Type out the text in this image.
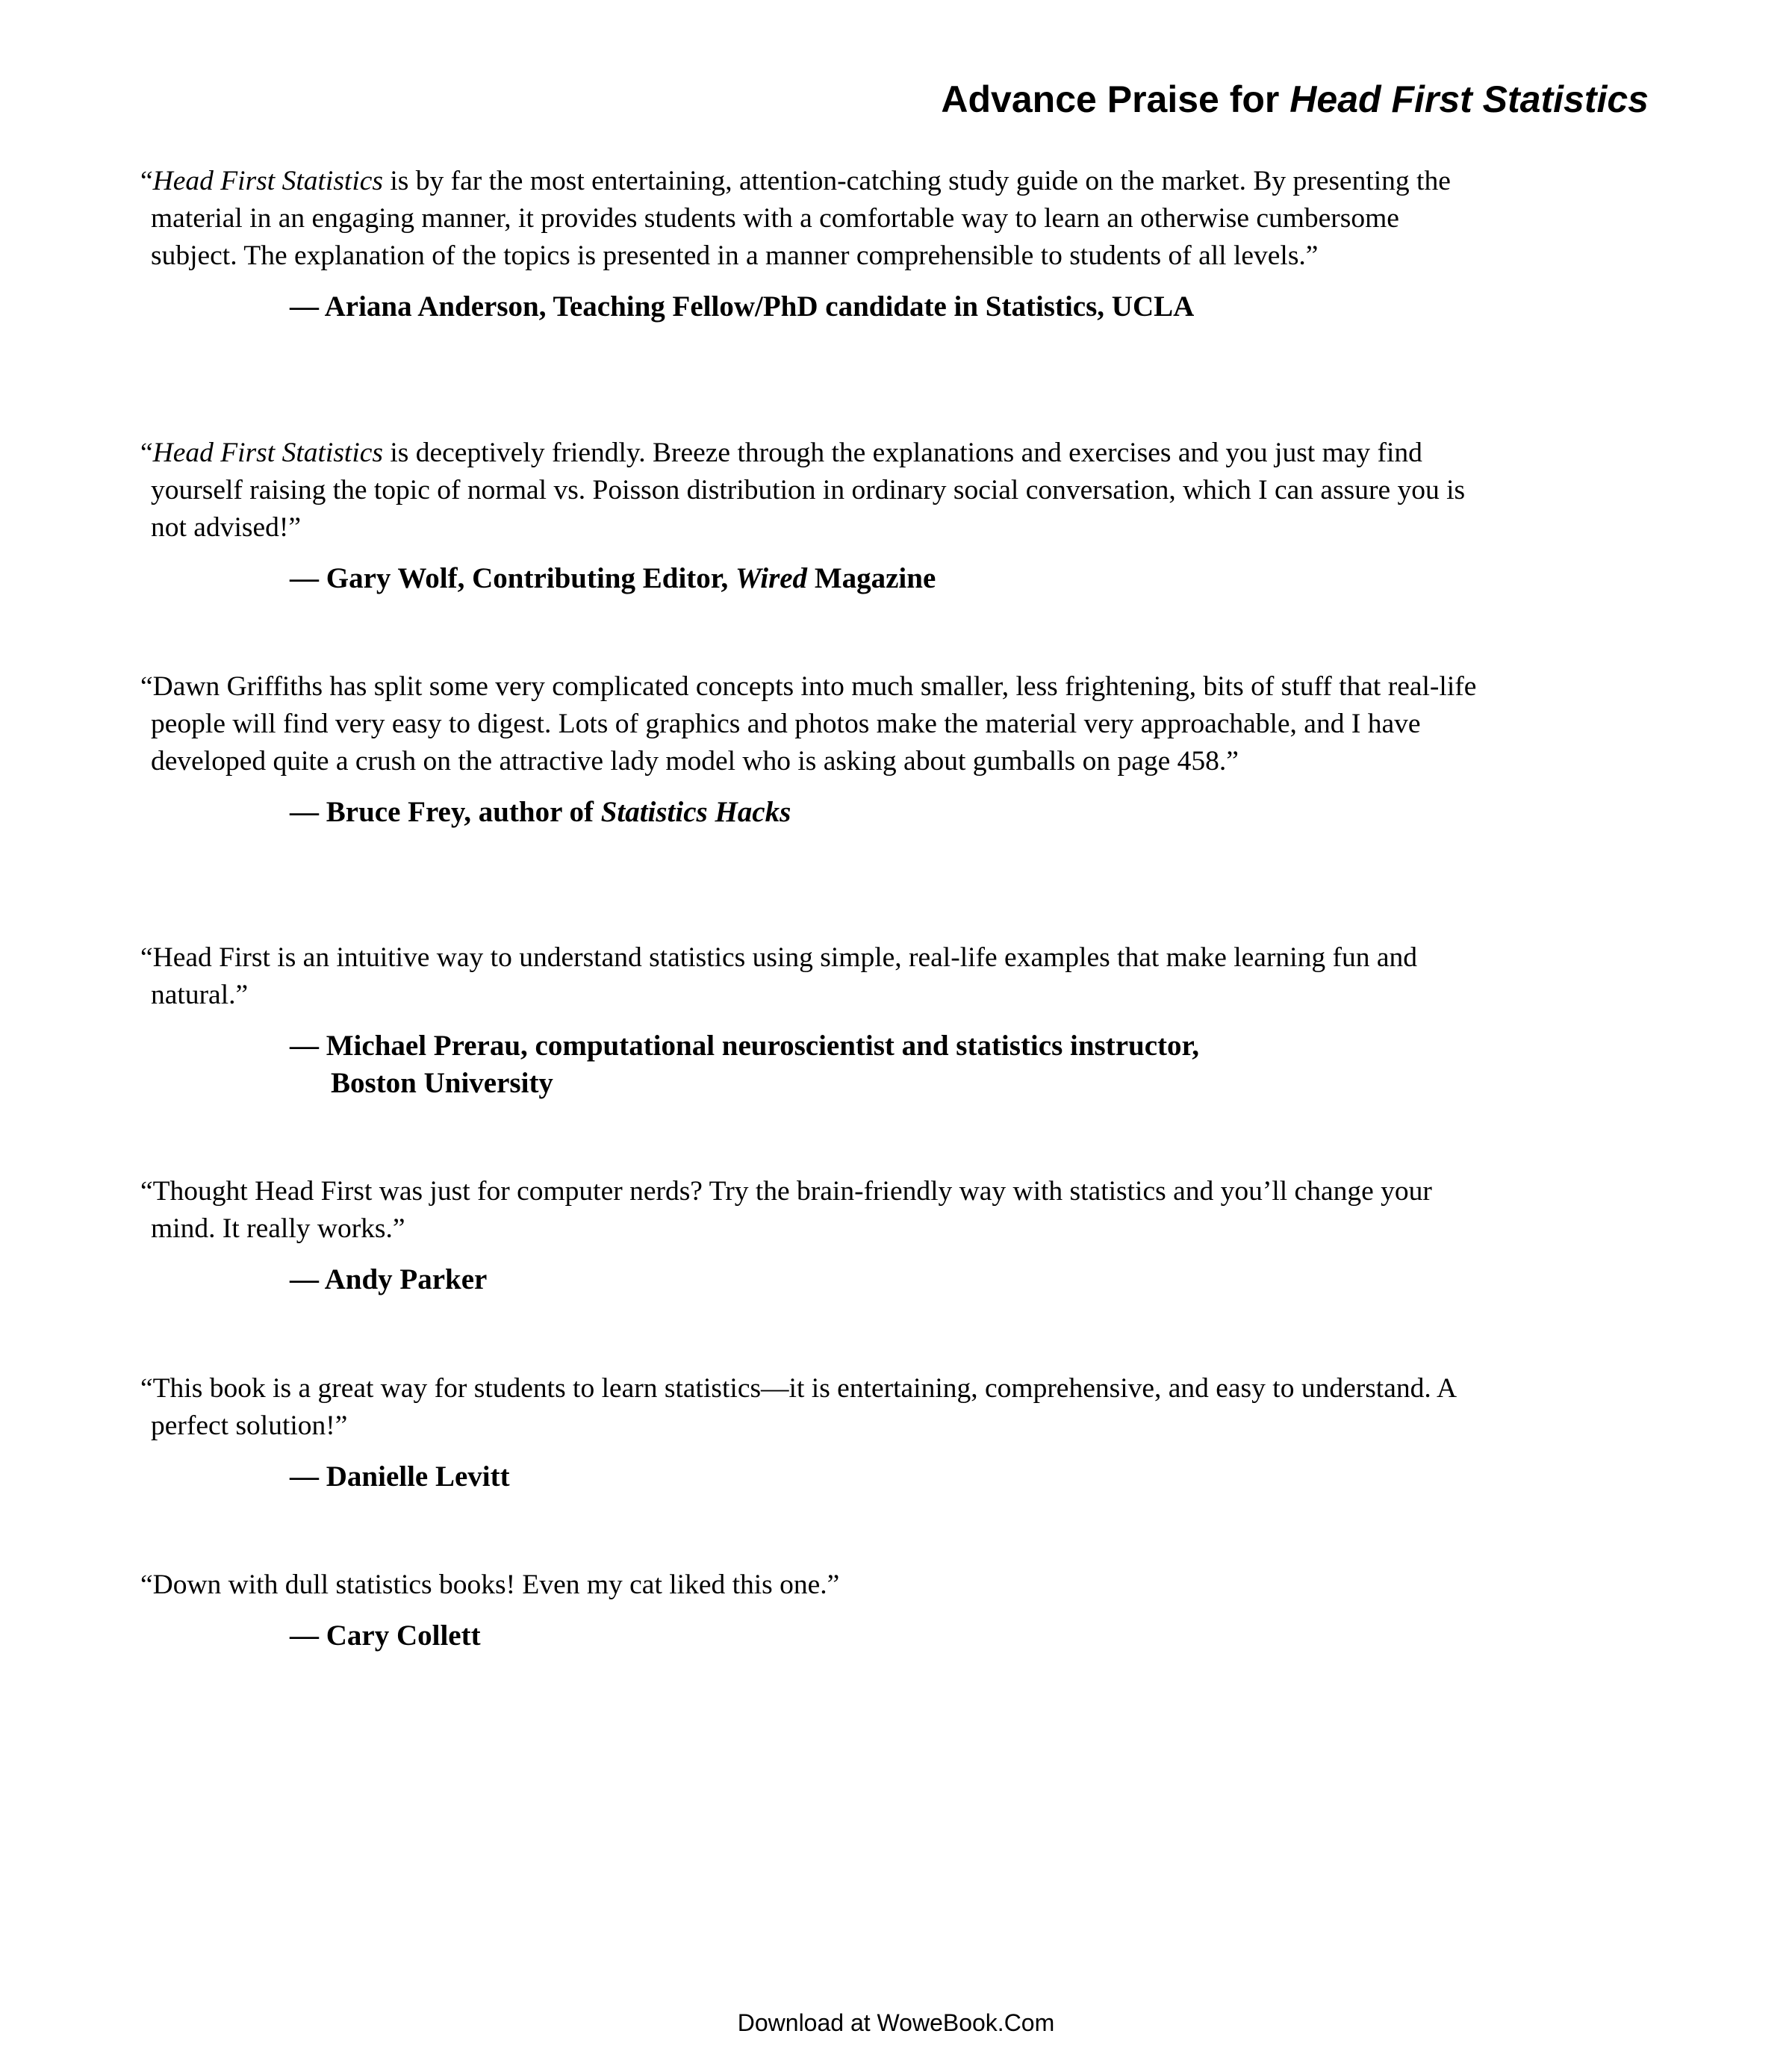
Advance Praise for Head First Statistics

“Head First Statistics is by far the most entertaining, attention-catching study guide on the market. By presenting the material in an engaging manner, it provides students with a comfortable way to learn an otherwise cumbersome subject. The explanation of the topics is presented in a manner comprehensible to students of all levels.”

— Ariana Anderson, Teaching Fellow/PhD candidate in Statistics, UCLA

“Head First Statistics is deceptively friendly. Breeze through the explanations and exercises and you just may find yourself raising the topic of normal vs. Poisson distribution in ordinary social conversation, which I can assure you is not advised!”

— Gary Wolf, Contributing Editor, Wired Magazine

“Dawn Griffiths has split some very complicated concepts into much smaller, less frightening, bits of stuff that real-life people will find very easy to digest. Lots of graphics and photos make the material very approachable, and I have developed quite a crush on the attractive lady model who is asking about gumballs on page 458.”

— Bruce Frey, author of Statistics Hacks

“Head First is an intuitive way to understand statistics using simple, real-life examples that make learning fun and natural.”

— Michael Prerau, computational neuroscientist and statistics instructor,
Boston University

“Thought Head First was just for computer nerds? Try the brain-friendly way with statistics and you’ll change your mind. It really works.”

— Andy Parker

“This book is a great way for students to learn statistics—it is entertaining, comprehensive, and easy to understand. A perfect solution!”

— Danielle Levitt

“Down with dull statistics books! Even my cat liked this one.”

— Cary Collett

Download at WoweBook.Com
